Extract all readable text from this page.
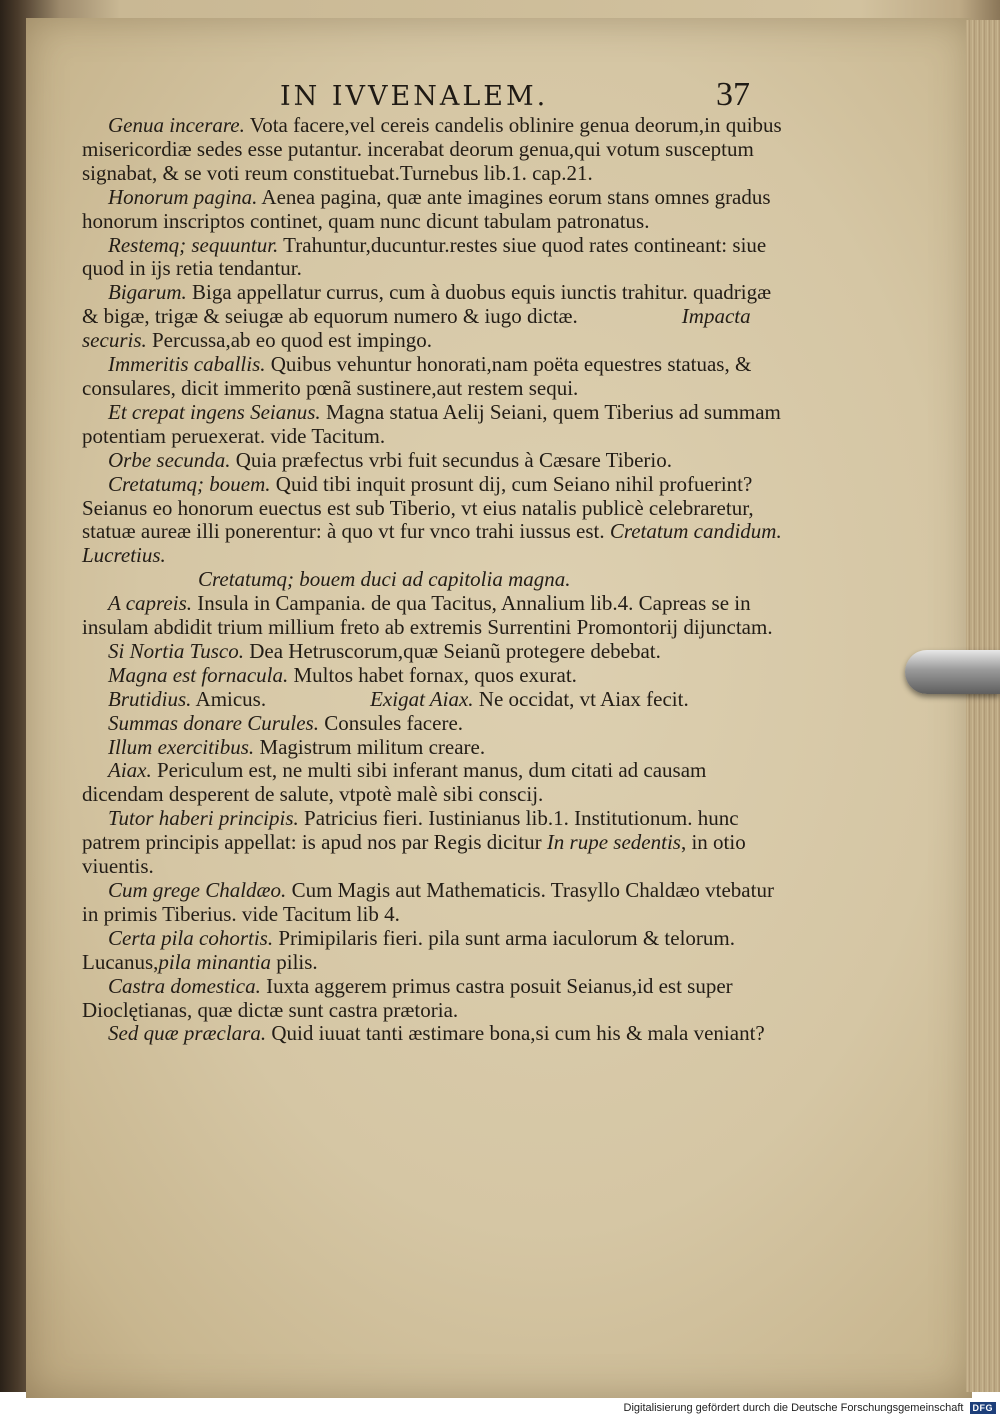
IN IVVENALEM.	37

Genua incerare. Vota facere,vel cereis candelis oblinire genua deorum,in quibus misericordiæ sedes esse putantur. incerabat deorum genua,qui votum susceptum signabat, & se voti reum constituebat.Turnebus lib.1. cap.21.

Honorum pagina. Aenea pagina, quæ ante imagines eorum stans omnes gradus honorum inscriptos continet, quam nunc dicunt tabulam patronatus.

Restemq; sequuntur. Trahuntur,ducuntur.restes siue quod rates contineant: siue quod in ijs retia tendantur.

Bigarum. Biga appellatur currus, cum à duobus equis iunctis trahitur. quadrigæ & bigæ, trigæ & seiugæ ab equorum numero & iugo dictæ.	Impacta securis. Percussa,ab eo quod est impingo.

Immeritis caballis. Quibus vehuntur honorati,nam poëta equestres statuas, & consulares, dicit immerito pœnã sustinere,aut restem sequi.

Et crepat ingens Seianus. Magna statua Aelij Seiani, quem Tiberius ad summam potentiam peruexerat. vide Tacitum.

Orbe secunda. Quia præfectus vrbi fuit secundus à Cæsare Tiberio.

Cretatumq; bouem. Quid tibi inquit prosunt dij, cum Seiano nihil profuerint? Seianus eo honorum euectus est sub Tiberio, vt eius natalis publicè celebraretur, statuæ aureæ illi ponerentur: à quo vt fur vnco trahi iussus est. Cretatum candidum. Lucretius.

Cretatumq; bouem duci ad capitolia magna.

A capreis. Insula in Campania. de qua Tacitus, Annalium lib.4. Capreas se in insulam abdidit trium millium freto ab extremis Surrentini Promontorij dijunctam.

Si Nortia Tusco. Dea Hetruscorum,quæ Seianũ protegere debebat.

Magna est fornacula. Multos habet fornax, quos exurat.

Brutidius. Amicus.	Exigat Aiax. Ne occidat, vt Aiax fecit.

Summas donare Curules. Consules facere.

Illum exercitibus. Magistrum militum creare.

Aiax. Periculum est, ne multi sibi inferant manus, dum citati ad causam dicendam desperent de salute, vtpotè malè sibi conscij.

Tutor haberi principis. Patricius fieri. Iustinianus lib.1. Institutionum. hunc patrem principis appellat: is apud nos par Regis dicitur In rupe sedentis, in otio viuentis.

Cum grege Chaldæo. Cum Magis aut Mathematicis. Trasyllo Chaldæo vtebatur in primis Tiberius. vide Tacitum lib 4.

Certa pila cohortis. Primipilaris fieri. pila sunt arma iaculorum & telorum. Lucanus,pila minantia pilis.

Castra domestica. Iuxta aggerem primus castra posuit Seianus,id est super Dioclętianas, quæ dictæ sunt castra prætoria.

Sed quæ præclara. Quid iuuat tanti æstimare bona,si cum his & mala veniant?

Digitalisierung gefördert durch die Deutsche Forschungsgemeinschaft	DFG
